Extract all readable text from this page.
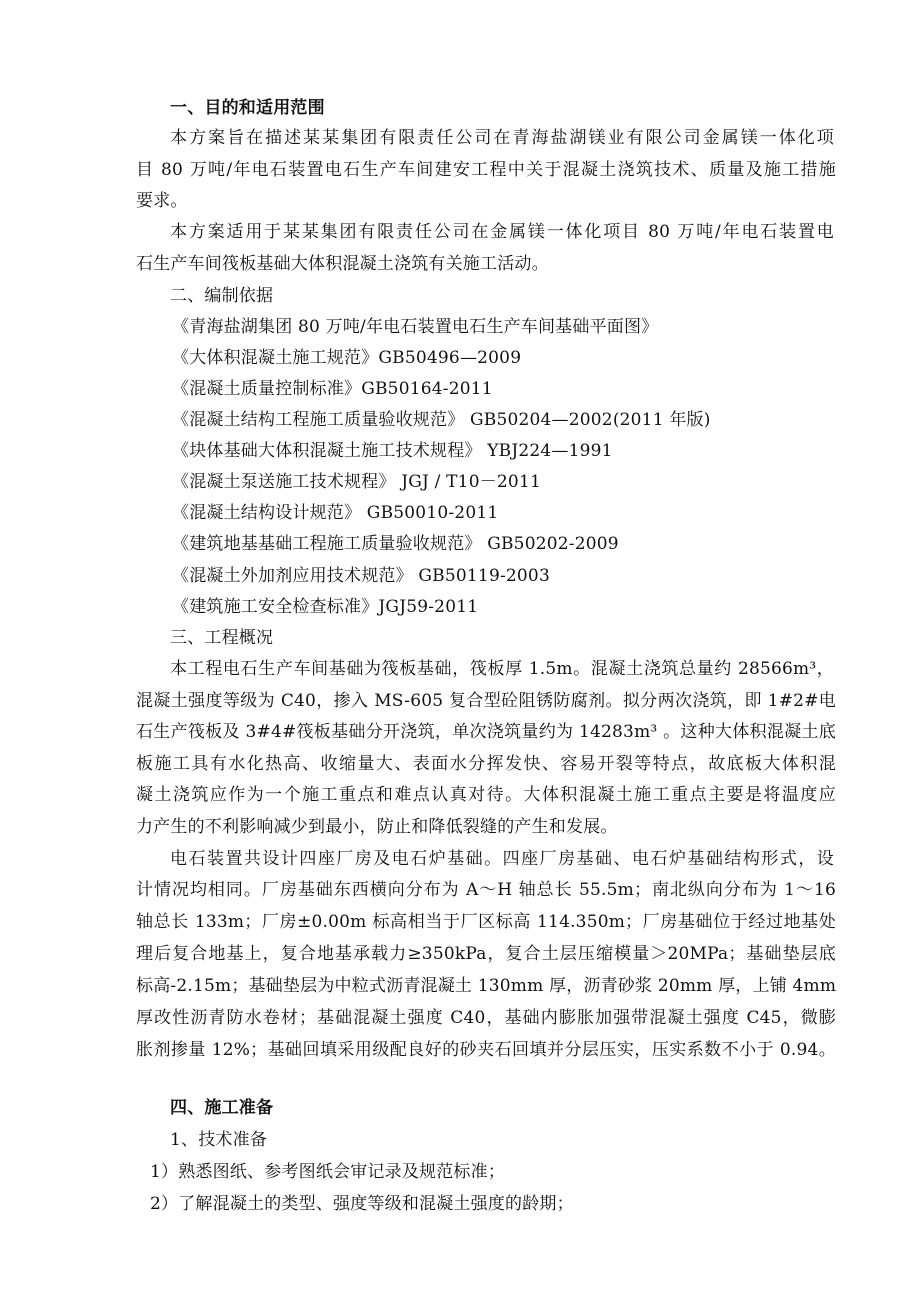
一、目的和适用范围
本方案旨在描述某某集团有限责任公司在青海盐湖镁业有限公司金属镁一体化项
目 80 万吨/年电石装置电石生产车间建安工程中关于混凝土浇筑技术、质量及施工措施
要求。
本方案适用于某某集团有限责任公司在金属镁一体化项目 80 万吨/年电石装置电
石生产车间筏板基础大体积混凝土浇筑有关施工活动。
二、编制依据
《青海盐湖集团 80 万吨/年电石装置电石生产车间基础平面图》
《大体积混凝土施工规范》GB50496—2009
《混凝土质量控制标准》GB50164-2011
《混凝土结构工程施工质量验收规范》 GB50204—2002(2011 年版)
《块体基础大体积混凝土施工技术规程》 YBJ224—1991
《混凝土泵送施工技术规程》 JGJ / T10－2011
《混凝土结构设计规范》 GB50010-2011
《建筑地基基础工程施工质量验收规范》 GB50202-2009
《混凝土外加剂应用技术规范》 GB50119-2003
《建筑施工安全检查标准》JGJ59-2011
三、工程概况
本工程电石生产车间基础为筏板基础，筏板厚 1.5m。混凝土浇筑总量约 28566m³，
混凝土强度等级为 C40，掺入 MS-605 复合型砼阻锈防腐剂。拟分两次浇筑，即 1#2#电
石生产筏板及 3#4#筏板基础分开浇筑，单次浇筑量约为 14283m³ 。这种大体积混凝土底
板施工具有水化热高、收缩量大、表面水分挥发快、容易开裂等特点，故底板大体积混
凝土浇筑应作为一个施工重点和难点认真对待。大体积混凝土施工重点主要是将温度应
力产生的不利影响减少到最小，防止和降低裂缝的产生和发展。
电石装置共设计四座厂房及电石炉基础。四座厂房基础、电石炉基础结构形式，设
计情况均相同。厂房基础东西横向分布为 A～H 轴总长 55.5m；南北纵向分布为 1～16
轴总长 133m；厂房±0.00m 标高相当于厂区标高 114.350m；厂房基础位于经过地基处
理后复合地基上，复合地基承载力≥350kPa，复合土层压缩模量＞20MPa；基础垫层底
标高-2.15m；基础垫层为中粒式沥青混凝土 130mm 厚，沥青砂浆 20mm 厚，上铺 4mm
厚改性沥青防水卷材；基础混凝土强度 C40，基础内膨胀加强带混凝土强度 C45，微膨
胀剂掺量 12%；基础回填采用级配良好的砂夹石回填并分层压实，压实系数不小于 0.94。
四、施工准备
1、技术准备
1）熟悉图纸、参考图纸会审记录及规范标准；
2）了解混凝土的类型、强度等级和混凝土强度的龄期；
